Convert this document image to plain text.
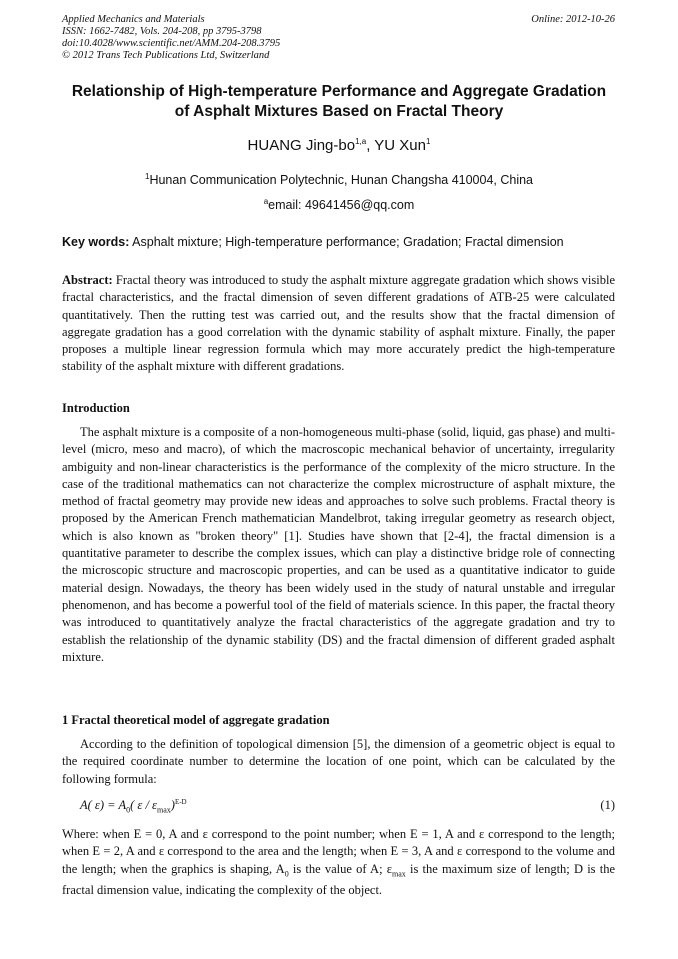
Applied Mechanics and Materials
ISSN: 1662-7482, Vols. 204-208, pp 3795-3798
doi:10.4028/www.scientific.net/AMM.204-208.3795
© 2012 Trans Tech Publications Ltd, Switzerland
Online: 2012-10-26
Relationship of High-temperature Performance and Aggregate Gradation
of Asphalt Mixtures Based on Fractal Theory
HUANG Jing-bo$^{1,a}$, YU Xun$^1$
$^1$Hunan Communication Polytechnic, Hunan Changsha 410004, China
$^a$email: 49641456@qq.com
Key words: Asphalt mixture; High-temperature performance; Gradation; Fractal dimension
Abstract: Fractal theory was introduced to study the asphalt mixture aggregate gradation which shows visible fractal characteristics, and the fractal dimension of seven different gradations of ATB-25 were calculated quantitatively. Then the rutting test was carried out, and the results show that the fractal dimension of aggregate gradation has a good correlation with the dynamic stability of asphalt mixture. Finally, the paper proposes a multiple linear regression formula which may more accurately predict the high-temperature stability of the asphalt mixture with different gradations.
Introduction
The asphalt mixture is a composite of a non-homogeneous multi-phase (solid, liquid, gas phase) and multi-level (micro, meso and macro), of which the macroscopic mechanical behavior of uncertainty, irregularity ambiguity and non-linear characteristics is the performance of the complexity of the micro structure. In the case of the traditional mathematics can not characterize the complex microstructure of asphalt mixture, the method of fractal geometry may provide new ideas and approaches to solve such problems. Fractal theory is proposed by the American French mathematician Mandelbrot, taking irregular geometry as research object, which is also known as "broken theory" [1]. Studies have shown that [2-4], the fractal dimension is a quantitative parameter to describe the complex issues, which can play a distinctive bridge role of connecting the microscopic structure and macroscopic properties, and can be used as a quantitative indicator to guide material design. Nowadays, the theory has been widely used in the study of natural unstable and irregular phenomenon, and has become a powerful tool of the field of materials science. In this paper, the fractal theory was introduced to quantitatively analyze the fractal characteristics of the aggregate gradation and try to establish the relationship of the dynamic stability (DS) and the fractal dimension of different graded asphalt mixture.
1 Fractal theoretical model of aggregate gradation
According to the definition of topological dimension [5], the dimension of a geometric object is equal to the required coordinate number to determine the location of one point, which can be calculated by the following formula:
A( $\varepsilon) = A_0$( ε / $\varepsilon_{max})^{E-D}$	(1)
Where: when E = 0, A and ε correspond to the point number; when E = 1, A and ε correspond to the length; when E = 2, A and ε correspond to the area and the length; when E = 3, A and ε correspond to the volume and the length; when the graphics is shaping, $A_0$ is the value of A; $\varepsilon_{max}$ is the maximum size of length; D is the fractal dimension value, indicating the complexity of the object.
